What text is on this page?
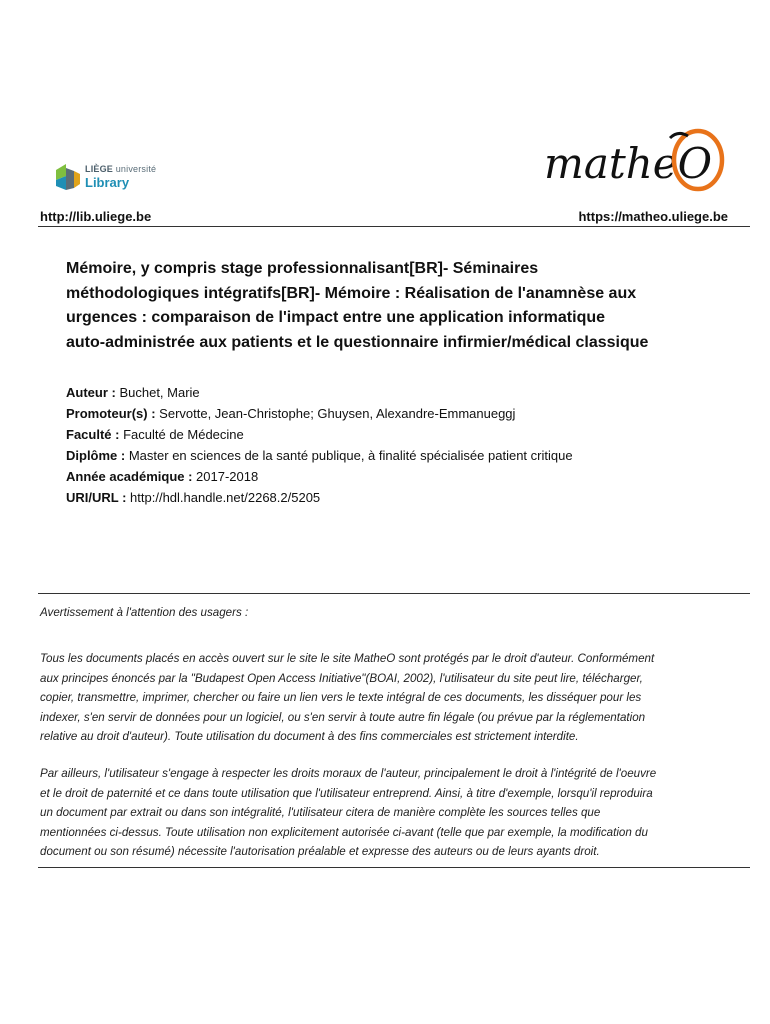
LIÈGE université
Library	matheO
http://lib.uliege.be	https://matheo.uliege.be
Mémoire, y compris stage professionnalisant[BR]- Séminaires
méthodologiques intégratifs[BR]- Mémoire : Réalisation de l'anamnèse aux
urgences : comparaison de l'impact entre une application informatique
auto-administrée aux patients et le questionnaire infirmier/médical classique
Auteur : Buchet, Marie
Promoteur(s) : Servotte, Jean-Christophe; Ghuysen, Alexandre-Emmanueggj
Faculté : Faculté de Médecine
Diplôme : Master en sciences de la santé publique, à finalité spécialisée patient critique
Année académique : 2017-2018
URI/URL : http://hdl.handle.net/2268.2/5205
Avertissement à l'attention des usagers :
Tous les documents placés en accès ouvert sur le site le site MatheO sont protégés par le droit d'auteur. Conformément
aux principes énoncés par la "Budapest Open Access Initiative"(BOAI, 2002), l'utilisateur du site peut lire, télécharger,
copier, transmettre, imprimer, chercher ou faire un lien vers le texte intégral de ces documents, les disséquer pour les
indexer, s'en servir de données pour un logiciel, ou s'en servir à toute autre fin légale (ou prévue par la réglementation
relative au droit d'auteur). Toute utilisation du document à des fins commerciales est strictement interdite.
Par ailleurs, l'utilisateur s'engage à respecter les droits moraux de l'auteur, principalement le droit à l'intégrité de l'oeuvre
et le droit de paternité et ce dans toute utilisation que l'utilisateur entreprend. Ainsi, à titre d'exemple, lorsqu'il reproduira
un document par extrait ou dans son intégralité, l'utilisateur citera de manière complète les sources telles que
mentionnées ci-dessus. Toute utilisation non explicitement autorisée ci-avant (telle que par exemple, la modification du
document ou son résumé) nécessite l'autorisation préalable et expresse des auteurs ou de leurs ayants droit.
